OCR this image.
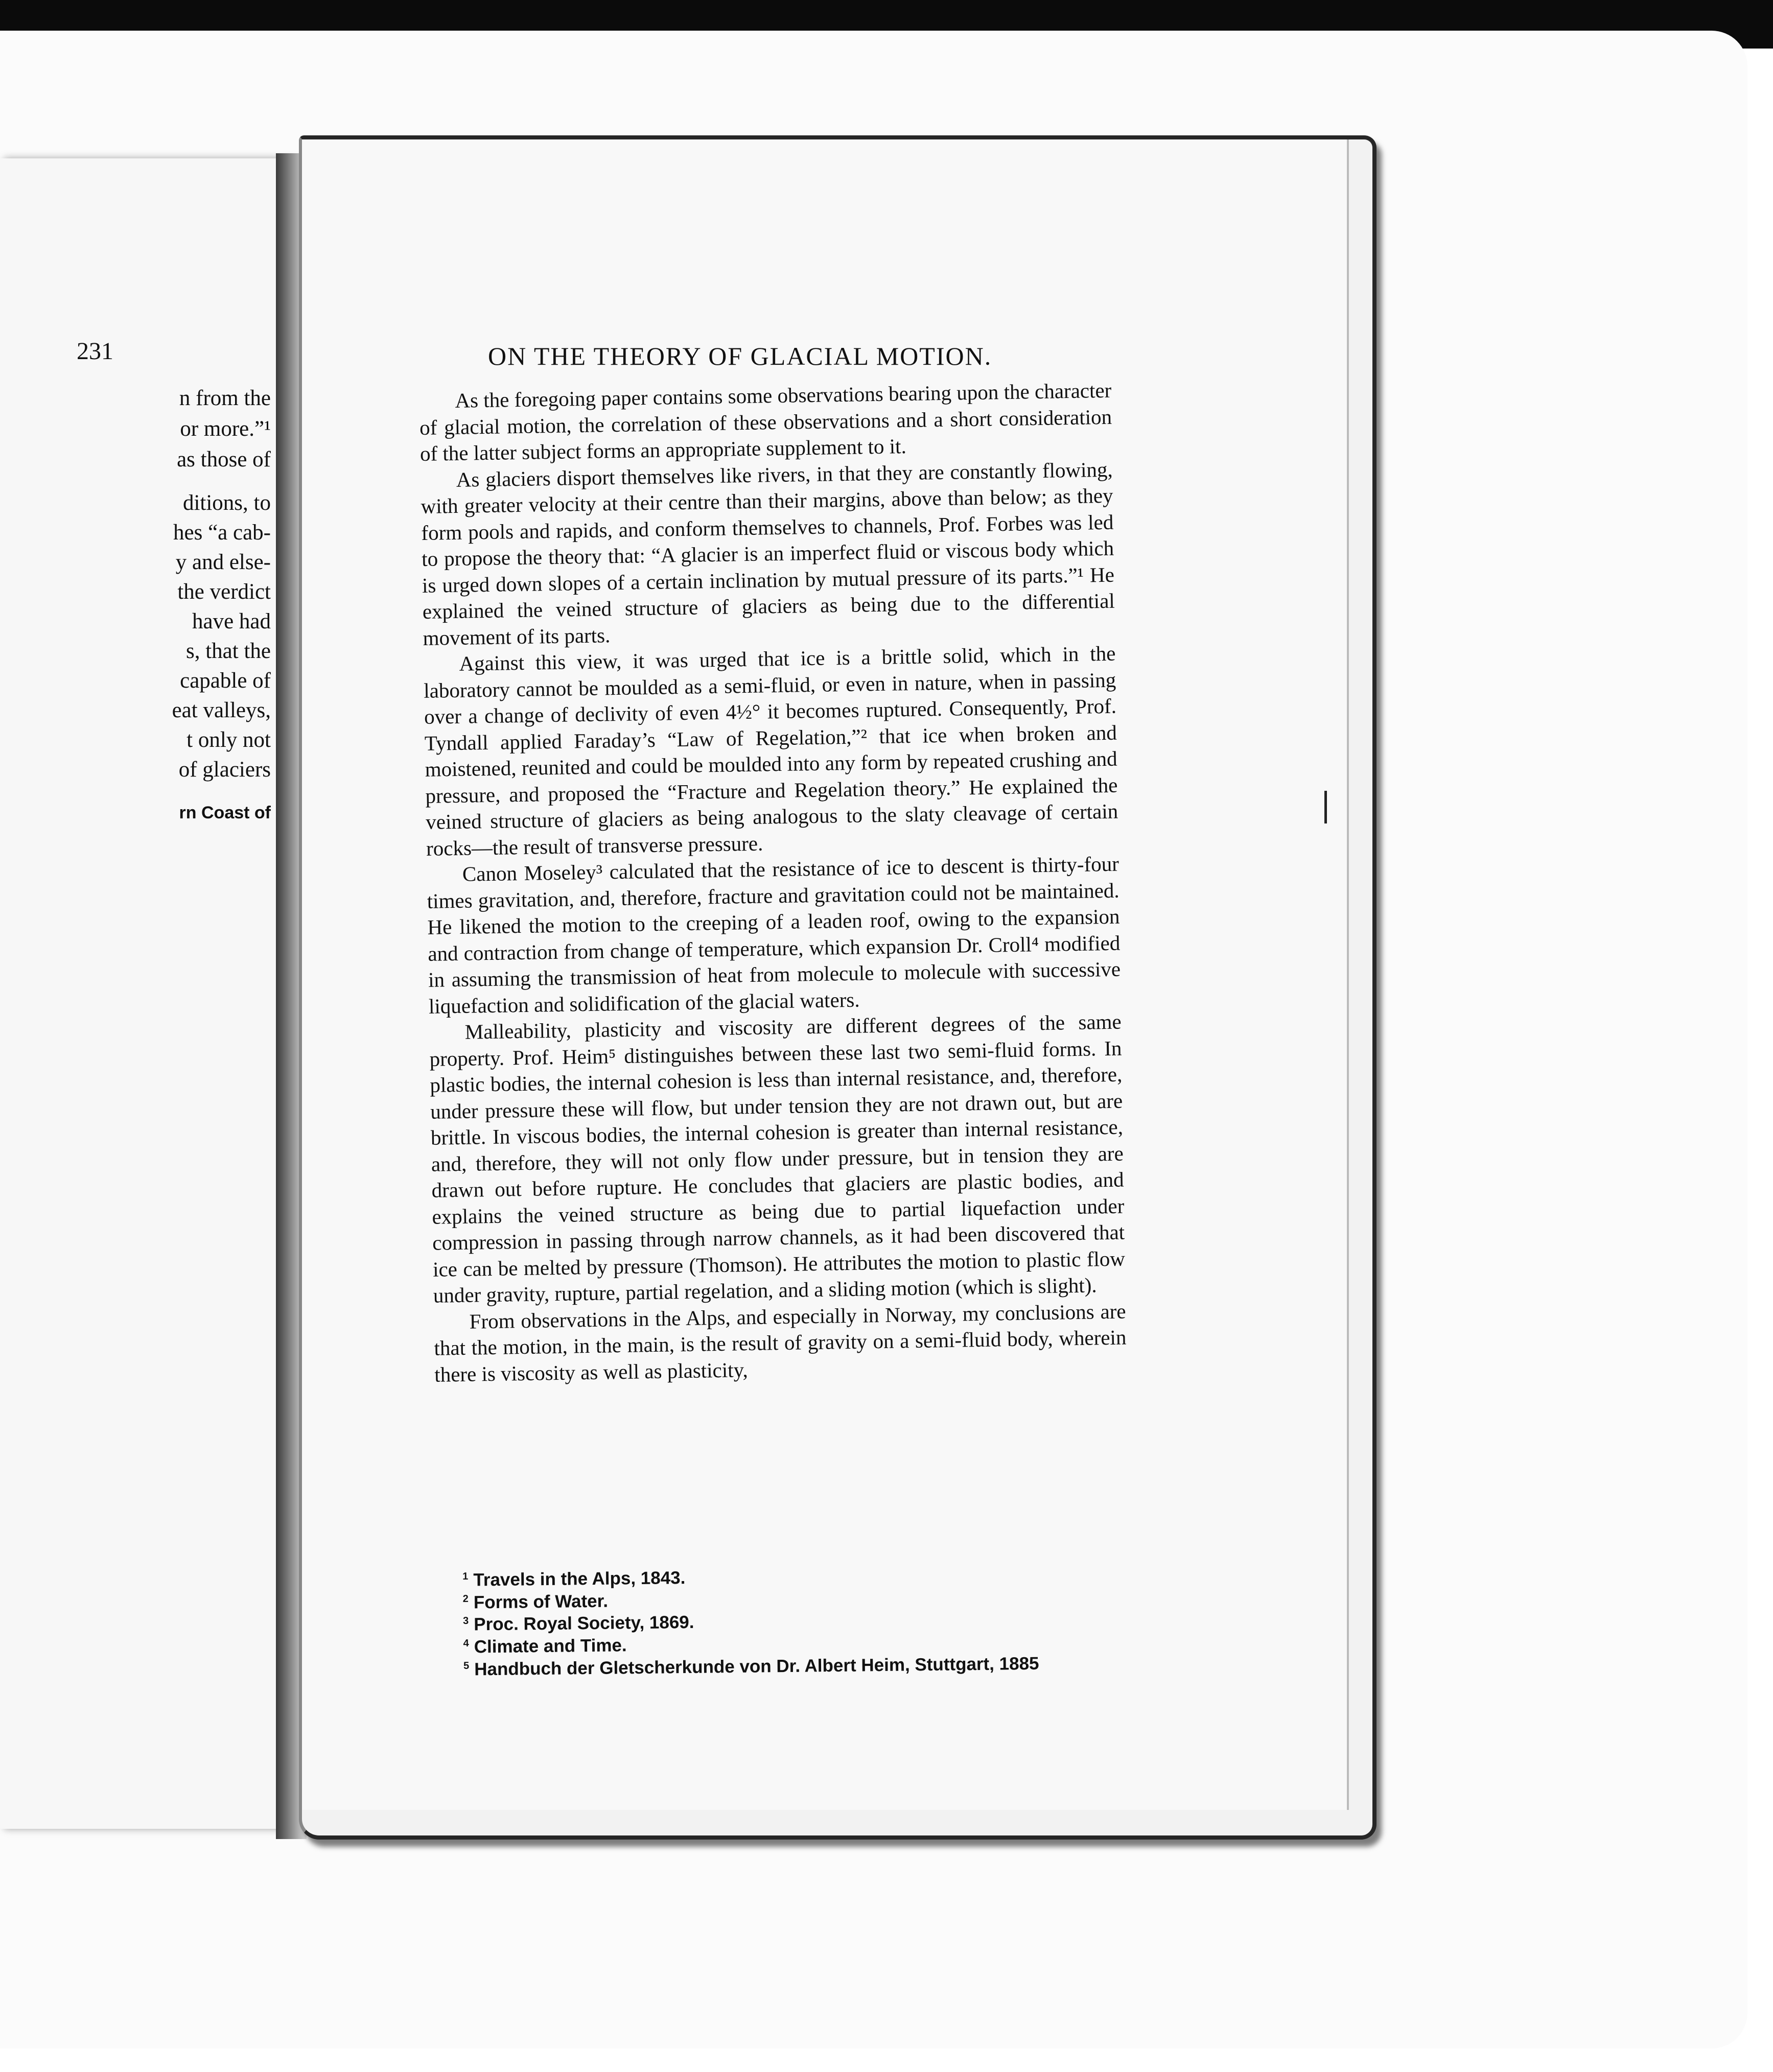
231
n from the
or more.”¹
as those of
ditions, to
hes “a cab-
y and else-
the verdict
have had
s, that the
capable of
eat valleys,
t only not
of glaciers
rn Coast of
ON THE THEORY OF GLACIAL MOTION.

As the foregoing paper contains some observations bearing upon the character of glacial motion, the correlation of these observations and a short consideration of the latter subject forms an appropriate supplement to it.

As glaciers disport themselves like rivers, in that they are constantly flowing, with greater velocity at their centre than their margins, above than below; as they form pools and rapids, and conform themselves to channels, Prof. Forbes was led to propose the theory that: “A glacier is an imperfect fluid or viscous body which is urged down slopes of a certain inclination by mutual pressure of its parts.”¹ He explained the veined structure of glaciers as being due to the differential movement of its parts.

Against this view, it was urged that ice is a brittle solid, which in the laboratory cannot be moulded as a semi-fluid, or even in nature, when in passing over a change of declivity of even 4½° it becomes ruptured. Consequently, Prof. Tyndall applied Faraday’s “Law of Regelation,”² that ice when broken and moistened, reunited and could be moulded into any form by repeated crushing and pressure, and proposed the “Fracture and Regelation theory.” He explained the veined structure of glaciers as being analogous to the slaty cleavage of certain rocks—the result of transverse pressure.

Canon Moseley³ calculated that the resistance of ice to descent is thirty-four times gravitation, and, therefore, fracture and gravitation could not be maintained. He likened the motion to the creeping of a leaden roof, owing to the expansion and contraction from change of temperature, which expansion Dr. Croll⁴ modified in assuming the transmission of heat from molecule to molecule with successive liquefaction and solidification of the glacial waters.

Malleability, plasticity and viscosity are different degrees of the same property. Prof. Heim⁵ distinguishes between these last two semi-fluid forms. In plastic bodies, the internal cohesion is less than internal resistance, and, therefore, under pressure these will flow, but under tension they are not drawn out, but are brittle. In viscous bodies, the internal cohesion is greater than internal resistance, and, therefore, they will not only flow under pressure, but in tension they are drawn out before rupture. He concludes that glaciers are plastic bodies, and explains the veined structure as being due to partial liquefaction under compression in passing through narrow channels, as it had been discovered that ice can be melted by pressure (Thomson). He attributes the motion to plastic flow under gravity, rupture, partial regelation, and a sliding motion (which is slight).

From observations in the Alps, and especially in Norway, my conclusions are that the motion, in the main, is the result of gravity on a semi-fluid body, wherein there is viscosity as well as plasticity,

$^1$ Travels in the Alps, 1843.
$^2$ Forms of Water.
$^3$ Proc. Royal Society, 1869.
$^4$ Climate and Time.
$^5$ Handbuch der Gletscherkunde von Dr. Albert Heim, Stuttgart, 1885
